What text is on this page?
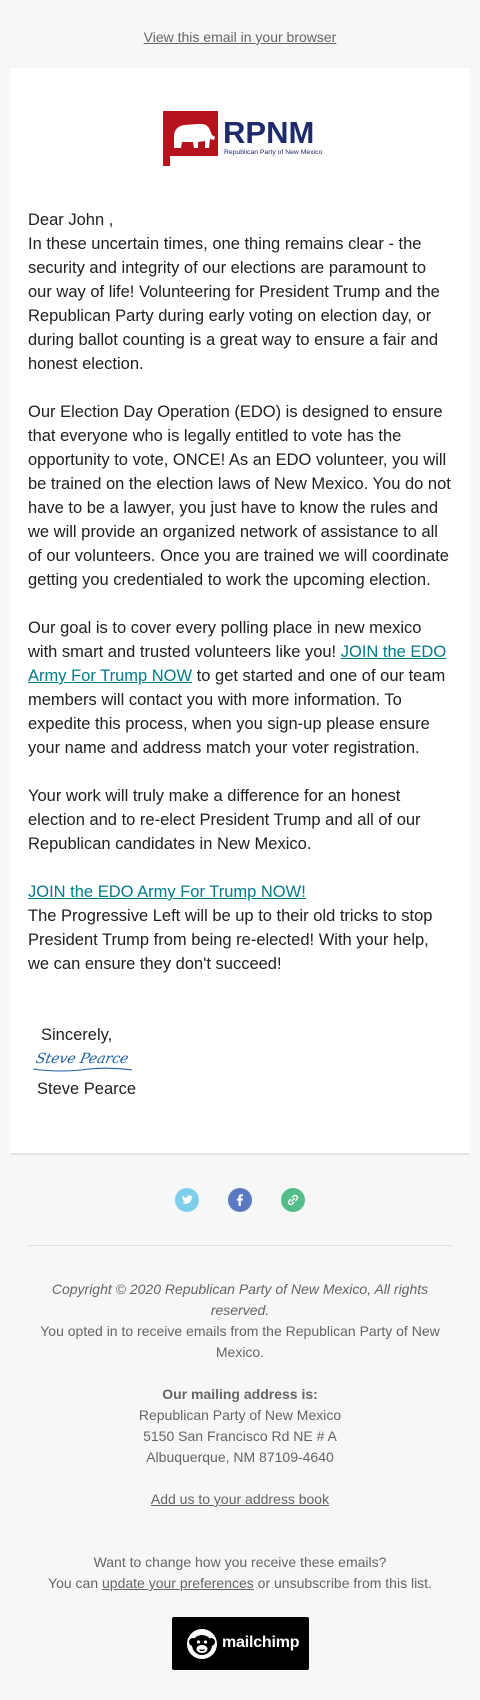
View this email in your browser
RPNM
Republican Party of New Mexico

Dear John ,

In these uncertain times, one thing remains clear - the security and integrity of our elections are paramount to our way of life! Volunteering for President Trump and the Republican Party during early voting on election day, or during ballot counting is a great way to ensure a fair and honest election.

Our Election Day Operation (EDO) is designed to ensure that everyone who is legally entitled to vote has the opportunity to vote, ONCE! As an EDO volunteer, you will be trained on the election laws of New Mexico. You do not have to be a lawyer, you just have to know the rules and we will provide an organized network of assistance to all of our volunteers. Once you are trained we will coordinate getting you credentialed to work the upcoming election.

Our goal is to cover every polling place in new mexico with smart and trusted volunteers like you! JOIN the EDO Army For Trump NOW to get started and one of our team members will contact you with more information. To expedite this process, when you sign-up please ensure your name and address match your voter registration.

Your work will truly make a difference for an honest election and to re-elect President Trump and all of our Republican candidates in New Mexico.

JOIN the EDO Army For Trump NOW!

The Progressive Left will be up to their old tricks to stop President Trump from being re-elected! With your help, we can ensure they don't succeed!

Sincerely,
Steve Pearce
Steve Pearce

Copyright © 2020 Republican Party of New Mexico, All rights reserved.

You opted in to receive emails from the Republican Party of New Mexico.

Our mailing address is:

Republican Party of New Mexico

5150 San Francisco Rd NE # A

Albuquerque, NM 87109-4640

Add us to your address book

Want to change how you receive these emails?

You can update your preferences or unsubscribe from this list.

mailchimp
